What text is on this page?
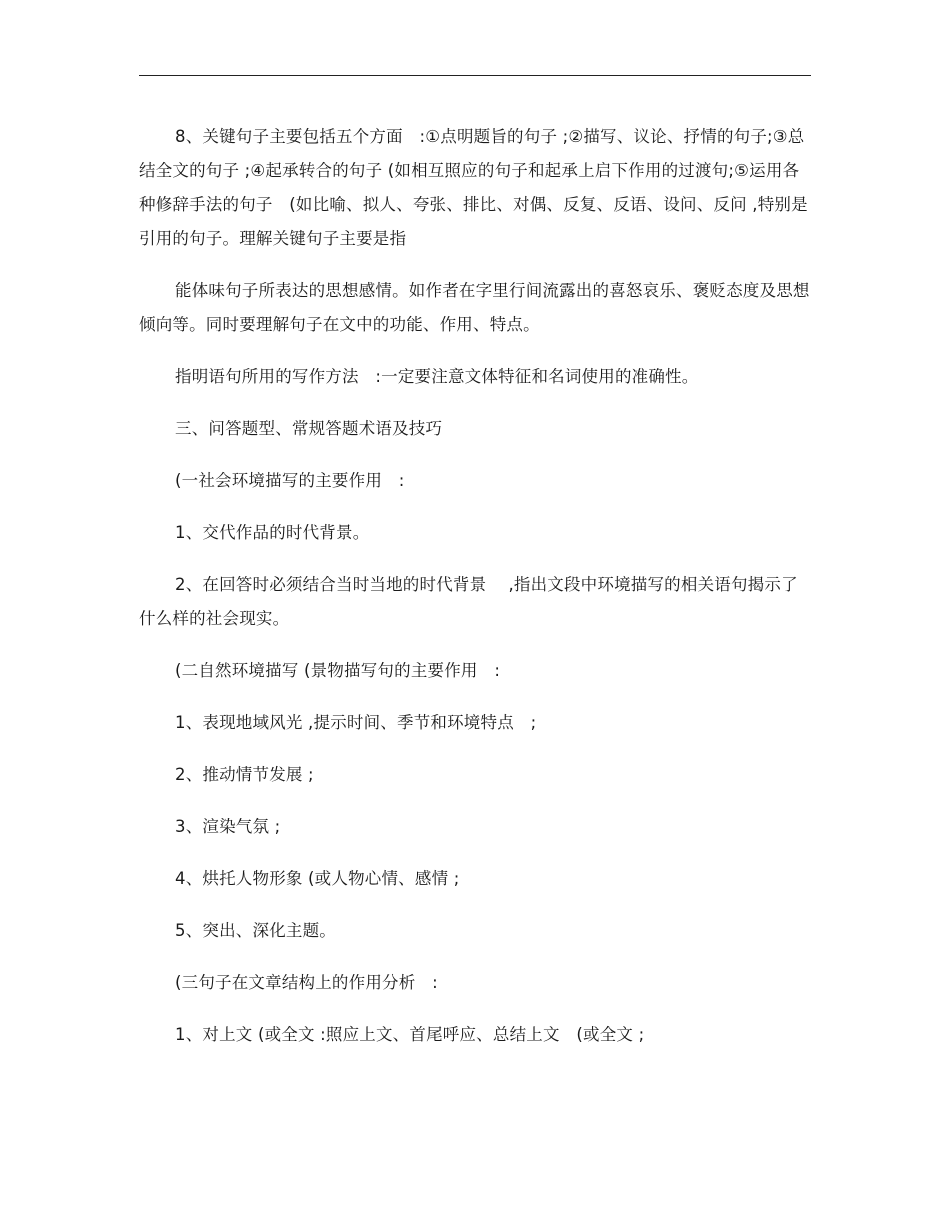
8、关键句子主要包括五个方面　:①点明题旨的句子 ;②描写、议论、抒情的句子;③总结全文的句子 ;④起承转合的句子 (如相互照应的句子和起承上启下作用的过渡句;⑤运用各种修辞手法的句子　(如比喻、拟人、夸张、排比、对偶、反复、反语、设问、反问 ,特别是引用的句子。理解关键句子主要是指

能体味句子所表达的思想感情。如作者在字里行间流露出的喜怒哀乐、褒贬态度及思想倾向等。同时要理解句子在文中的功能、作用、特点。

指明语句所用的写作方法　:一定要注意文体特征和名词使用的准确性。

三、问答题型、常规答题术语及技巧

(一社会环境描写的主要作用　:

1、交代作品的时代背景。

2、在回答时必须结合当时当地的时代背景　 ,指出文段中环境描写的相关语句揭示了什么样的社会现实。

(二自然环境描写 (景物描写句的主要作用　:

1、表现地域风光 ,提示时间、季节和环境特点　;

2、推动情节发展 ;

3、渲染气氛 ;

4、烘托人物形象 (或人物心情、感情 ;

5、突出、深化主题。

(三句子在文章结构上的作用分析　:

1、对上文 (或全文 :照应上文、首尾呼应、总结上文　(或全文 ;
